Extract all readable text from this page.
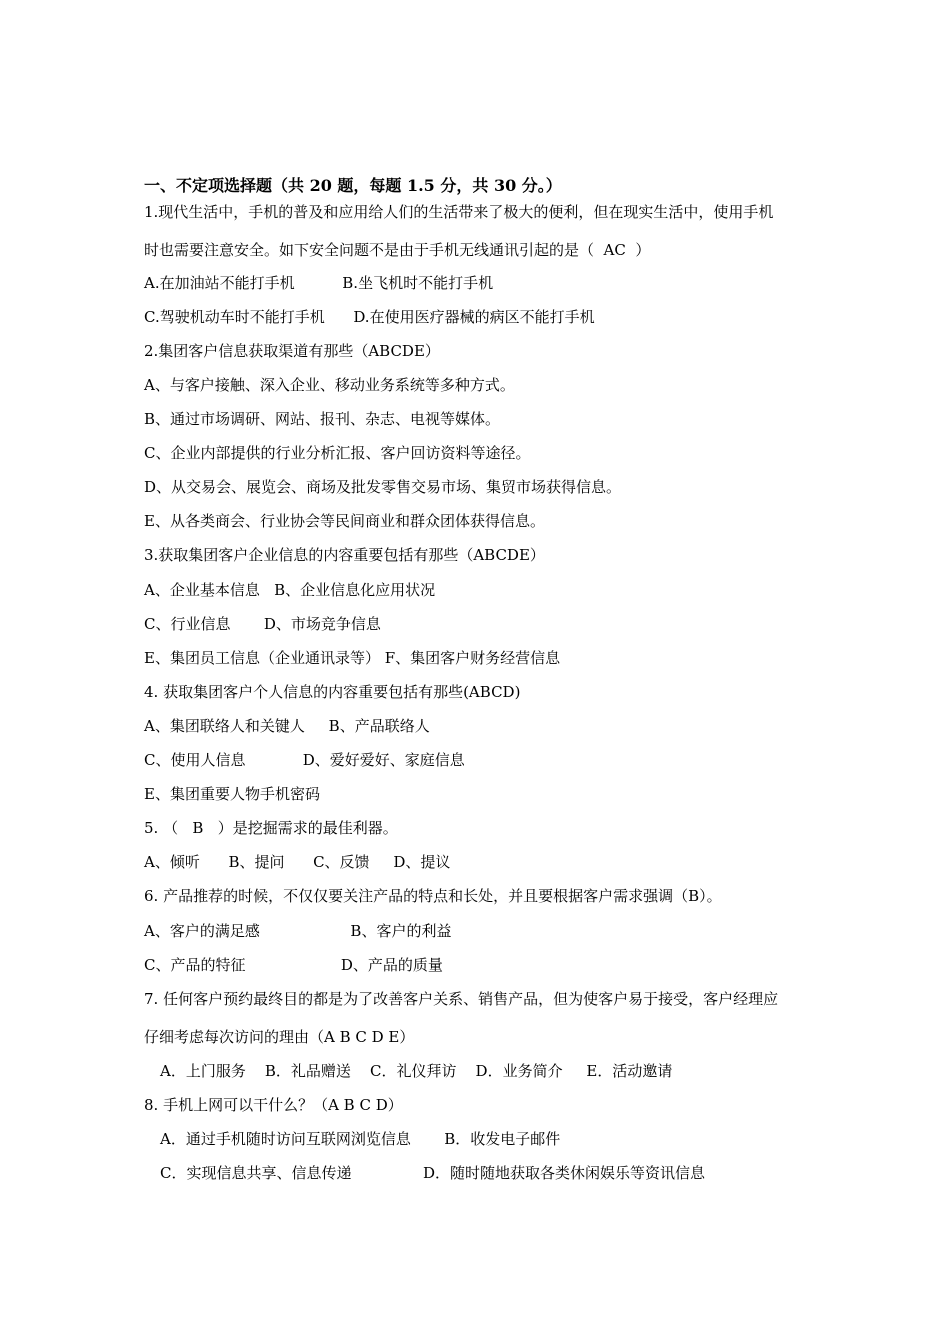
一、不定项选择题（共 20 题，每题 1.5 分，共 30 分。）
1.现代生活中，手机的普及和应用给人们的生活带来了极大的便利，但在现实生活中，使用手机
时也需要注意安全。如下安全问题不是由于手机无线通讯引起的是（  AC  ）
A.在加油站不能打手机          B.坐飞机时不能打手机
C.驾驶机动车时不能打手机      D.在使用医疗器械的病区不能打手机
2.集团客户信息获取渠道有那些（ABCDE）
A、与客户接触、深入企业、移动业务系统等多种方式。
B、通过市场调研、网站、报刊、杂志、电视等媒体。
C、企业内部提供的行业分析汇报、客户回访资料等途径。
D、从交易会、展览会、商场及批发零售交易市场、集贸市场获得信息。
E、从各类商会、行业协会等民间商业和群众团体获得信息。
3.获取集团客户企业信息的内容重要包括有那些（ABCDE）
A、企业基本信息   B、企业信息化应用状况
C、行业信息       D、市场竞争信息
E、集团员工信息（企业通讯录等） F、集团客户财务经营信息
4. 获取集团客户个人信息的内容重要包括有那些(ABCD)
A、集团联络人和关键人     B、产品联络人
C、使用人信息            D、爱好爱好、家庭信息
E、集团重要人物手机密码
5. （   B   ）是挖掘需求的最佳利器。
A、倾听      B、提问      C、反馈     D、提议
6. 产品推荐的时候，不仅仅要关注产品的特点和长处，并且要根据客户需求强调（B）。
A、客户的满足感                   B、客户的利益
C、产品的特征                    D、产品的质量
7. 任何客户预约最终目的都是为了改善客户关系、销售产品，但为使客户易于接受，客户经理应
仔细考虑每次访问的理由（A B C D E）
A．上门服务    B．礼品赠送    C．礼仪拜访    D．业务简介     E．活动邀请
8. 手机上网可以干什么？（A B C D）
A．通过手机随时访问互联网浏览信息       B．收发电子邮件
C．实现信息共享、信息传递               D．随时随地获取各类休闲娱乐等资讯信息
